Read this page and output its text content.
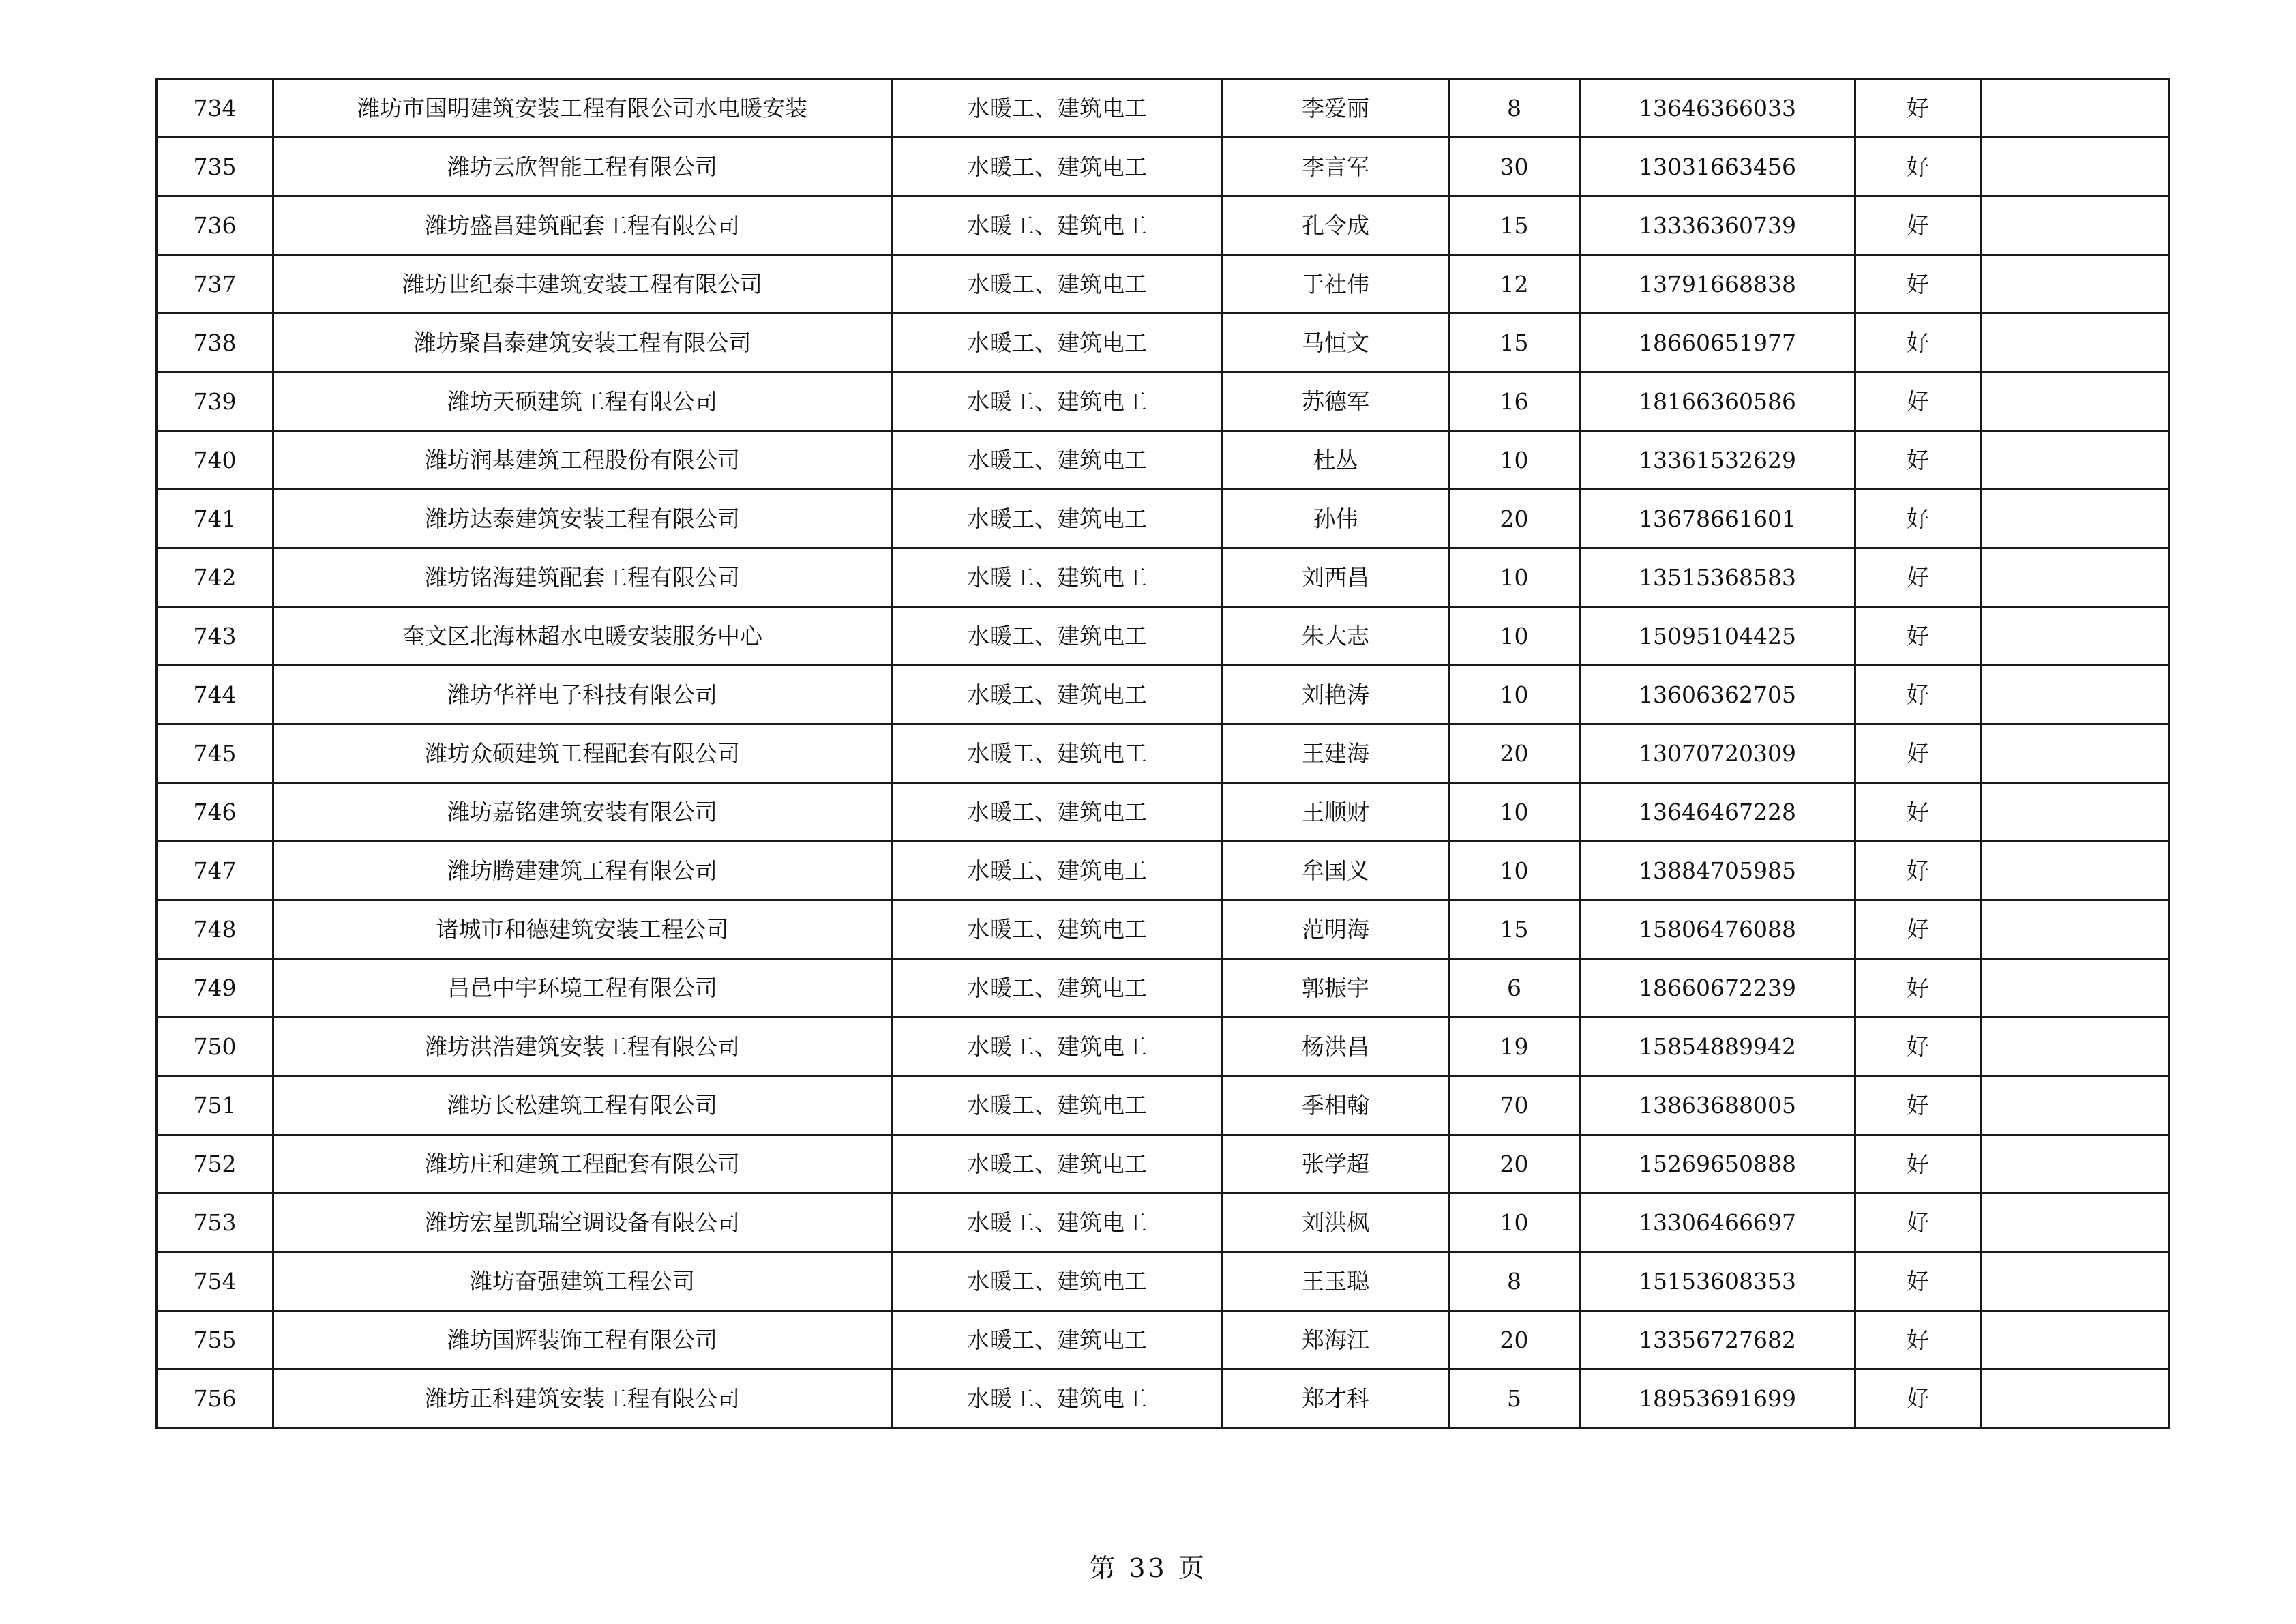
734	潍坊市国明建筑安装工程有限公司水电暖安装	水暖工、建筑电工	李爱丽	8	13646366033	好	
735	潍坊云欣智能工程有限公司	水暖工、建筑电工	李言军	30	13031663456	好	
736	潍坊盛昌建筑配套工程有限公司	水暖工、建筑电工	孔令成	15	13336360739	好	
737	潍坊世纪泰丰建筑安装工程有限公司	水暖工、建筑电工	于社伟	12	13791668838	好	
738	潍坊聚昌泰建筑安装工程有限公司	水暖工、建筑电工	马恒文	15	18660651977	好	
739	潍坊天硕建筑工程有限公司	水暖工、建筑电工	苏德军	16	18166360586	好	
740	潍坊润基建筑工程股份有限公司	水暖工、建筑电工	杜丛	10	13361532629	好	
741	潍坊达泰建筑安装工程有限公司	水暖工、建筑电工	孙伟	20	13678661601	好	
742	潍坊铭海建筑配套工程有限公司	水暖工、建筑电工	刘西昌	10	13515368583	好	
743	奎文区北海林超水电暖安装服务中心	水暖工、建筑电工	朱大志	10	15095104425	好	
744	潍坊华祥电子科技有限公司	水暖工、建筑电工	刘艳涛	10	13606362705	好	
745	潍坊众硕建筑工程配套有限公司	水暖工、建筑电工	王建海	20	13070720309	好	
746	潍坊嘉铭建筑安装有限公司	水暖工、建筑电工	王顺财	10	13646467228	好	
747	潍坊腾建建筑工程有限公司	水暖工、建筑电工	牟国义	10	13884705985	好	
748	诸城市和德建筑安装工程公司	水暖工、建筑电工	范明海	15	15806476088	好	
749	昌邑中宇环境工程有限公司	水暖工、建筑电工	郭振宇	6	18660672239	好	
750	潍坊洪浩建筑安装工程有限公司	水暖工、建筑电工	杨洪昌	19	15854889942	好	
751	潍坊长松建筑工程有限公司	水暖工、建筑电工	季相翰	70	13863688005	好	
752	潍坊庄和建筑工程配套有限公司	水暖工、建筑电工	张学超	20	15269650888	好	
753	潍坊宏星凯瑞空调设备有限公司	水暖工、建筑电工	刘洪枫	10	13306466697	好	
754	潍坊奋强建筑工程公司	水暖工、建筑电工	王玉聪	8	15153608353	好	
755	潍坊国辉装饰工程有限公司	水暖工、建筑电工	郑海江	20	13356727682	好	
756	潍坊正科建筑安装工程有限公司	水暖工、建筑电工	郑才科	5	18953691699	好	
第 33 页
